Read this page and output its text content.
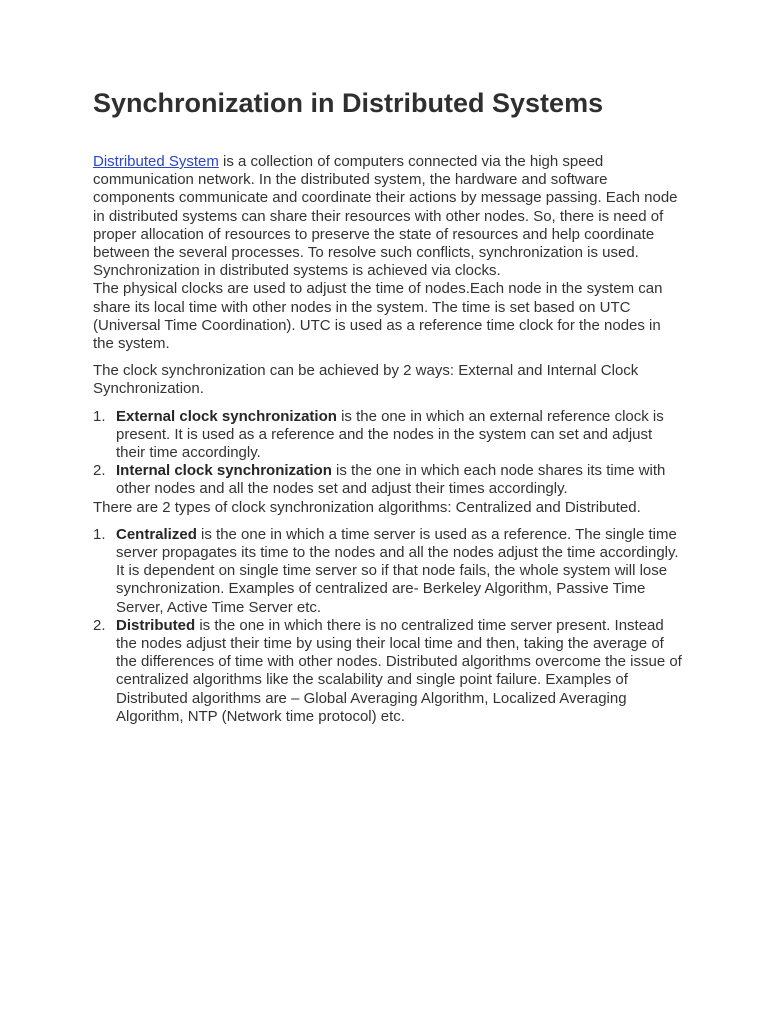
Synchronization in Distributed Systems

Distributed System is a collection of computers connected via the high speed communication network. In the distributed system, the hardware and software components communicate and coordinate their actions by message passing. Each node in distributed systems can share their resources with other nodes. So, there is need of proper allocation of resources to preserve the state of resources and help coordinate between the several processes. To resolve such conflicts, synchronization is used. Synchronization in distributed systems is achieved via clocks.

The physical clocks are used to adjust the time of nodes.Each node in the system can share its local time with other nodes in the system. The time is set based on UTC (Universal Time Coordination). UTC is used as a reference time clock for the nodes in the system.

The clock synchronization can be achieved by 2 ways: External and Internal Clock Synchronization.

1. External clock synchronization is the one in which an external reference clock is present. It is used as a reference and the nodes in the system can set and adjust their time accordingly.
2. Internal clock synchronization is the one in which each node shares its time with other nodes and all the nodes set and adjust their times accordingly.

There are 2 types of clock synchronization algorithms: Centralized and Distributed.

1. Centralized is the one in which a time server is used as a reference. The single time server propagates its time to the nodes and all the nodes adjust the time accordingly. It is dependent on single time server so if that node fails, the whole system will lose synchronization. Examples of centralized are- Berkeley Algorithm, Passive Time Server, Active Time Server etc.
2. Distributed is the one in which there is no centralized time server present. Instead the nodes adjust their time by using their local time and then, taking the average of the differences of time with other nodes. Distributed algorithms overcome the issue of centralized algorithms like the scalability and single point failure. Examples of Distributed algorithms are – Global Averaging Algorithm, Localized Averaging Algorithm, NTP (Network time protocol) etc.
